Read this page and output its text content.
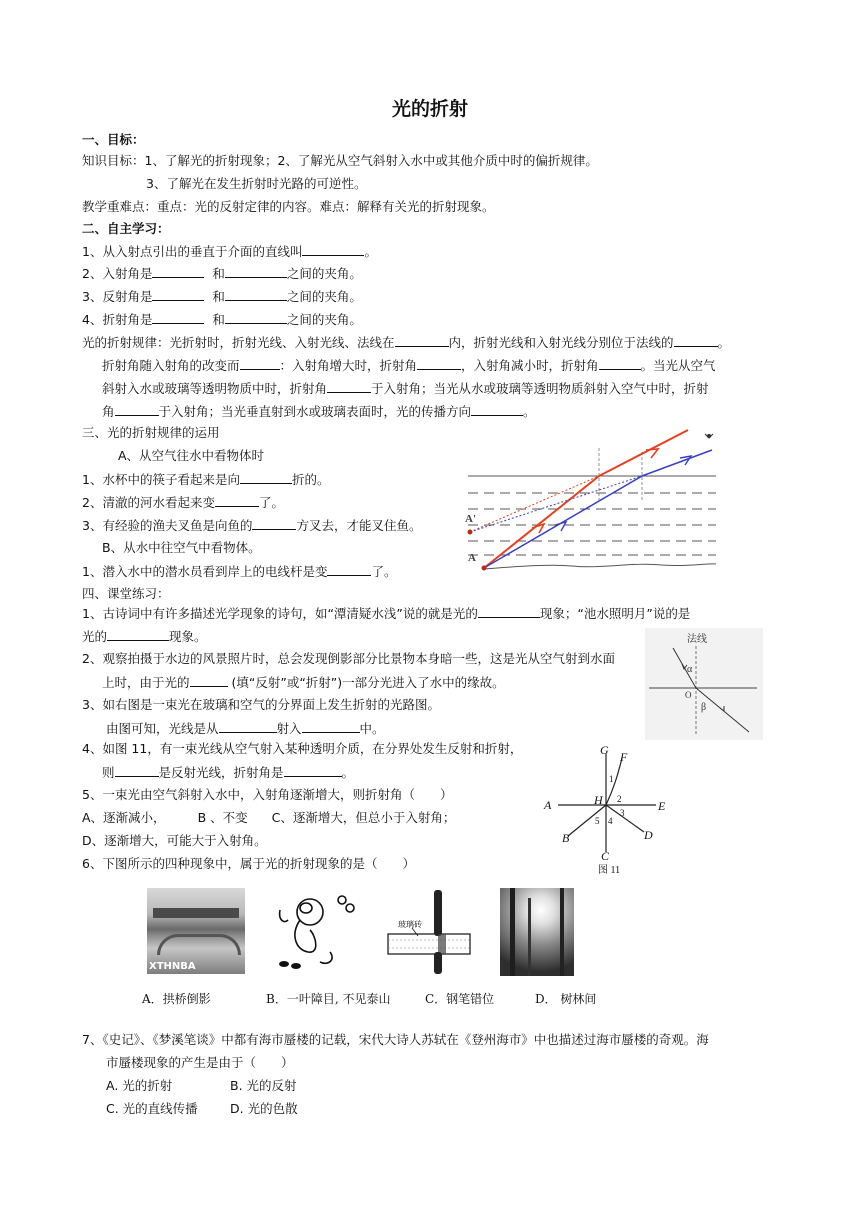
光的折射
一、目标：
知识目标：1、了解光的折射现象；2、了解光从空气斜射入水中或其他介质中时的偏折规律。
3、了解光在发生折射时光路的可逆性。
教学重难点：重点：光的反射定律的内容。难点：解释有关光的折射现象。
二、自主学习：
1、从入射点引出的垂直于介面的直线叫	。
2、入射角是	和	之间的夹角。
3、反射角是	和	之间的夹角。
4、折射角是	和	之间的夹角。
光的折射规律：光折射时，折射光线、入射光线、法线在	内，折射光线和入射光线分别位于法线的	。
折射角随入射角的改变而	：入射角增大时，折射角	，入射角减小时，折射角	。当光从空气
斜射入水或玻璃等透明物质中时，折射角	于入射角；当光从水或玻璃等透明物质斜射入空气中时，折射
角	于入射角；当光垂直射到水或玻璃表面时，光的传播方向	。
三、光的折射规律的运用
A、从空气往水中看物体时
1、水杯中的筷子看起来是向	折的。
2、清澈的河水看起来变	了。
3、有经验的渔夫叉鱼是向鱼的	方叉去，才能叉住鱼。
B、从水中往空气中看物体。
1、潜入水中的潜水员看到岸上的电线杆是变	了。
A'
A
四、课堂练习：
1、古诗词中有许多描述光学现象的诗句，如“潭清疑水浅”说的就是光的	现象；“池水照明月”说的是
光的	现象。
2、观察拍摄于水边的风景照片时，总会发现倒影部分比景物本身暗一些，这是光从空气射到水面
上时，由于光的	(填“反射”或“折射”)一部分光进入了水中的缘故。
3、如右图是一束光在玻璃和空气的分界面上发生折射的光路图。
由图可知，光线是从	射入	中。
法线
α
O
β
4、如图 11，有一束光线从空气射入某种透明介质，在分界处发生反射和折射，
则	是反射光线，折射角是	。
G F
A	H	E
B
C
D
1
2
3
4
5
图 11
5、一束光由空气斜射入水中，入射角逐渐增大，则折射角（　　）
A、逐渐减小，	B 、不变 C、逐渐增大，但总小于入射角；
D、逐渐增大，可能大于入射角。
6、下图所示的四种现象中，属于光的折射现象的是（　　）
XTHNBA
玻璃砖
A．拱桥倒影	B．一叶障目, 不见泰山	C．钢笔错位	D． 树林间
7、《史记》、《梦溪笔谈》中都有海市蜃楼的记载，宋代大诗人苏轼在《登州海市》中也描述过海市蜃楼的奇观。海
市蜃楼现象的产生是由于（　　）
A. 光的折射	B. 光的反射
C. 光的直线传播	D. 光的色散
